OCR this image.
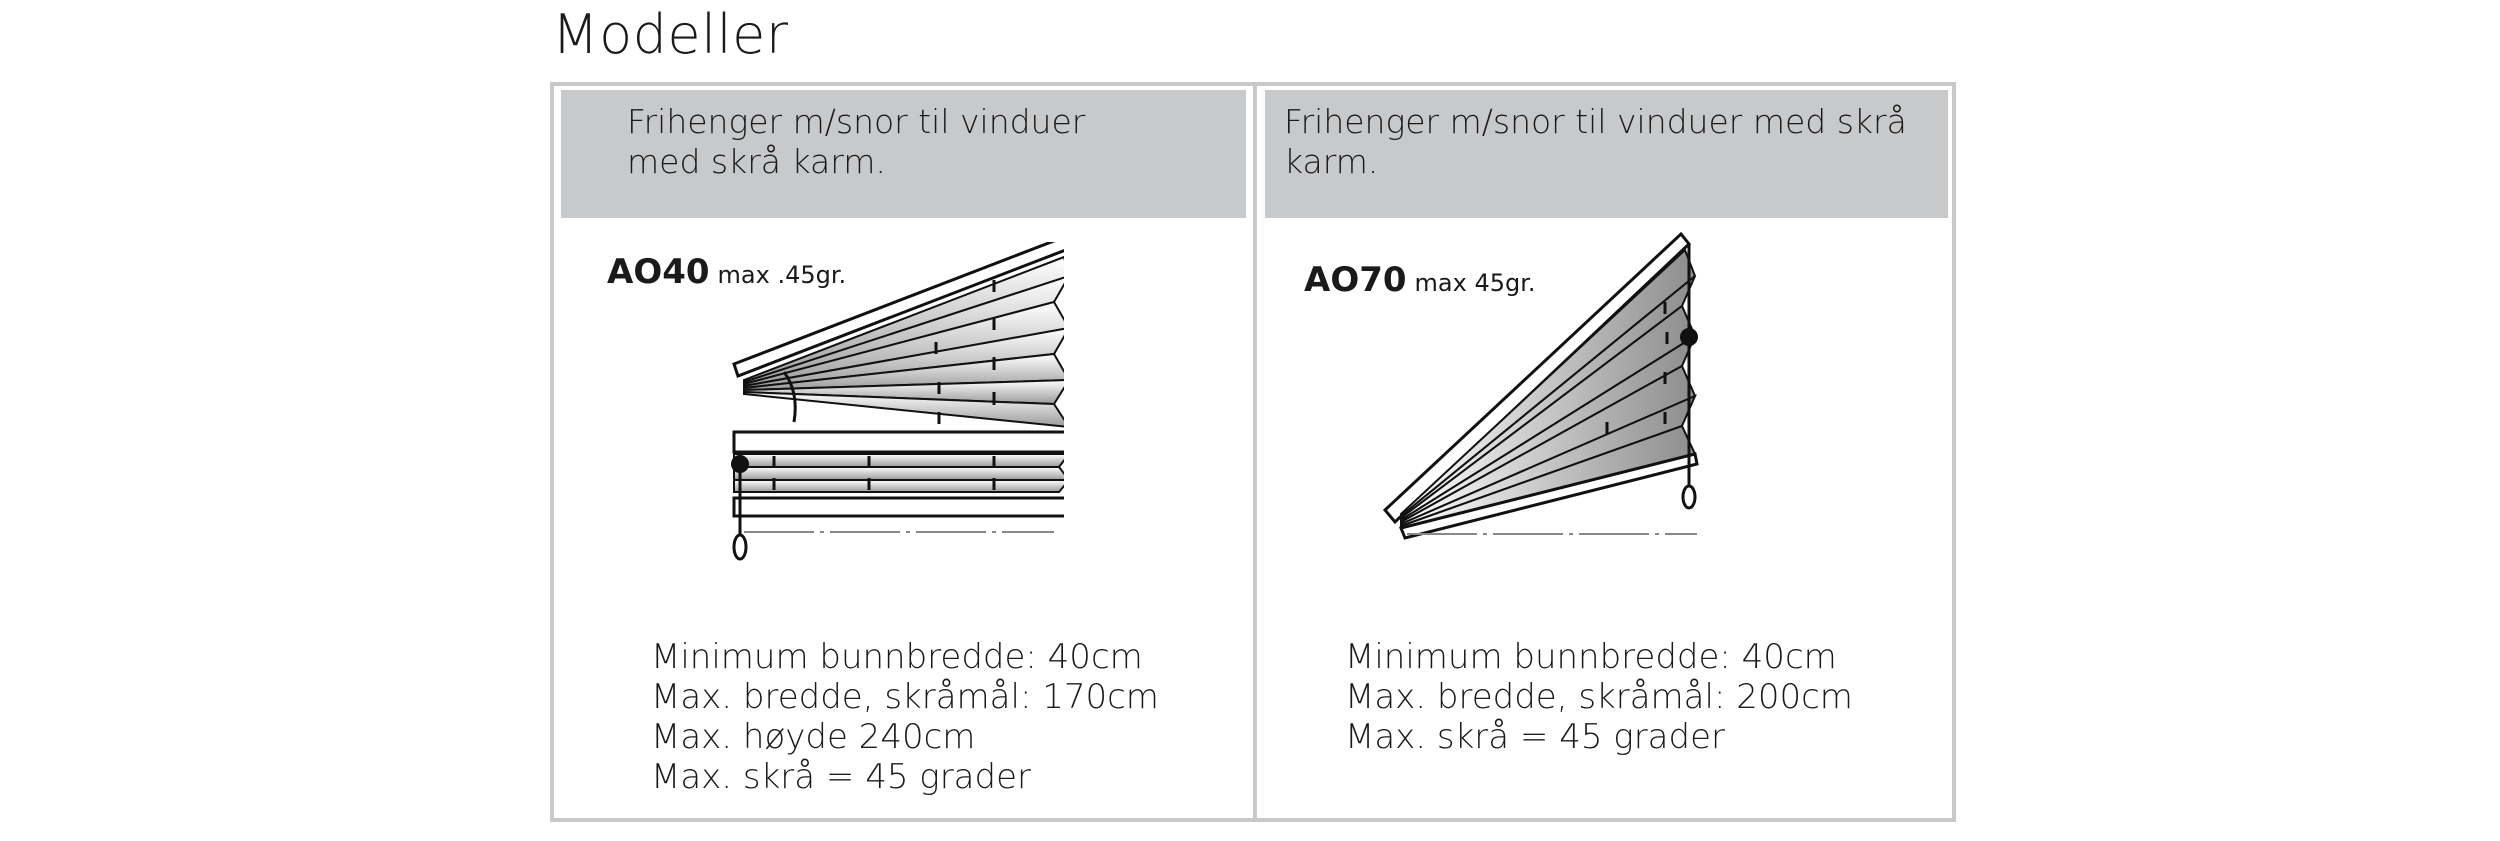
Modeller
Frihenger m/snor til vinduer
med skrå karm.
AO40 max .45gr.
Minimum bunnbredde: 40cm
Max. bredde, skråmål: 170cm
Max. høyde 240cm
Max. skrå = 45 grader
Frihenger m/snor til vinduer med skrå
karm.
AO70 max 45gr.
Minimum bunnbredde: 40cm
Max. bredde, skråmål: 200cm
Max. skrå = 45 grader
